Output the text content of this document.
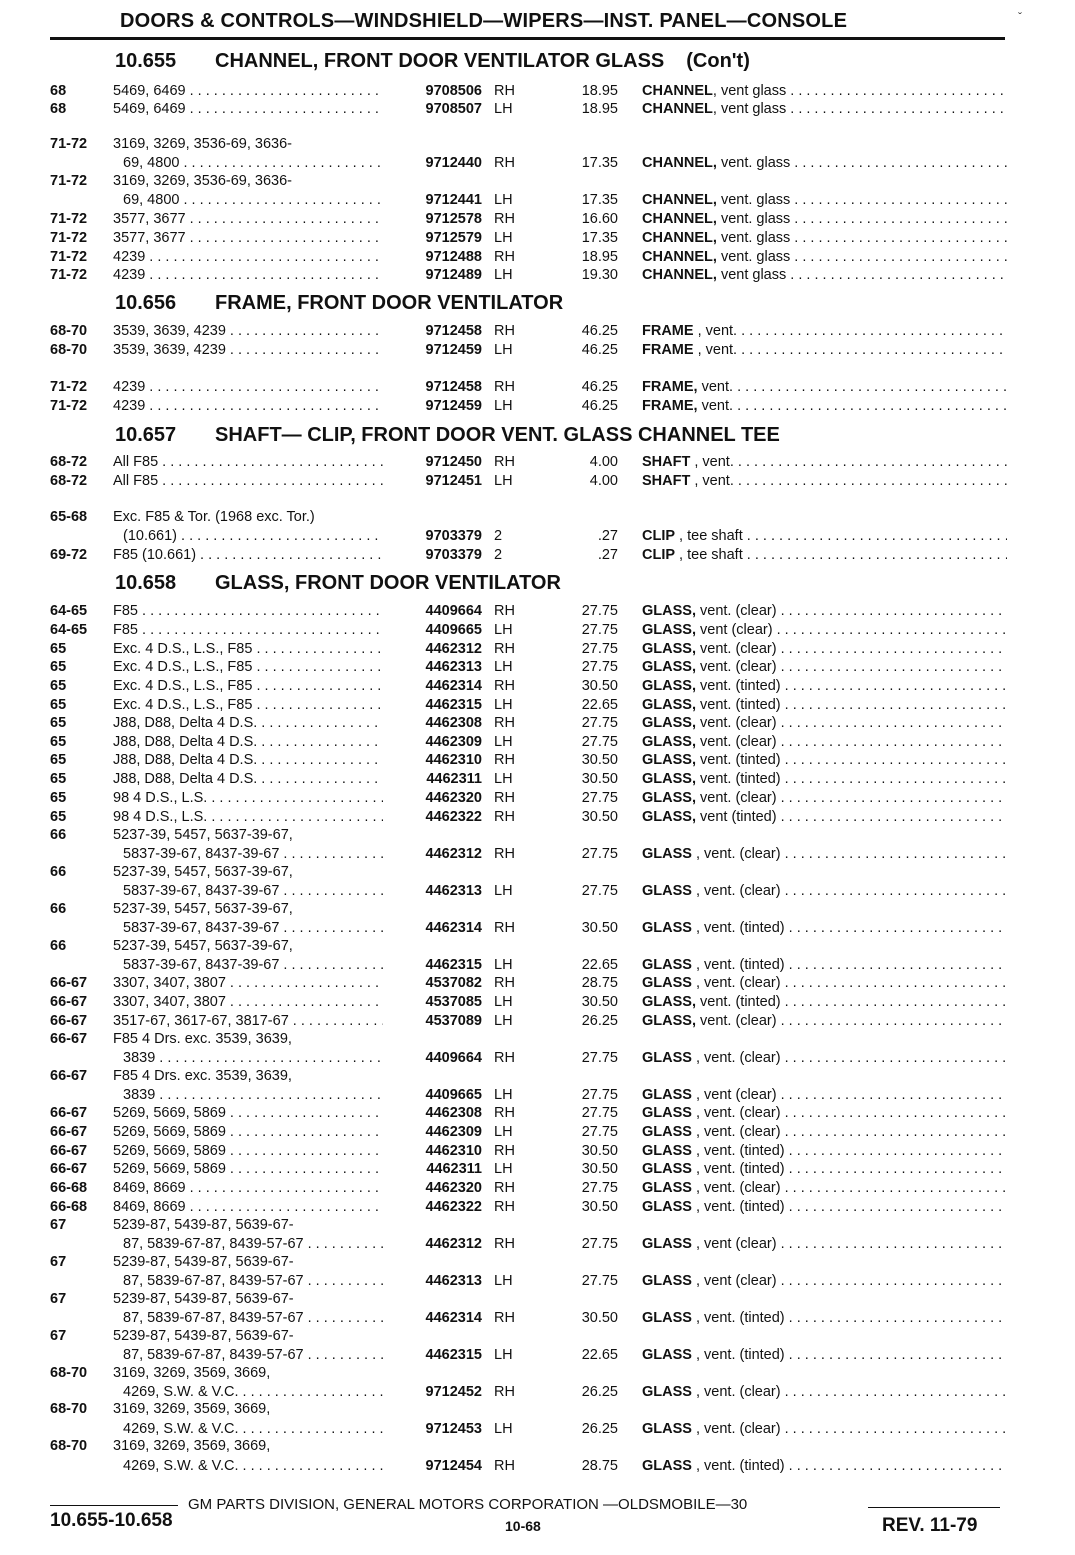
DOORS & CONTROLS—WINDSHIELD—WIPERS—INST. PANEL—CONSOLE	ˇ
10.655 CHANNEL, FRONT DOOR VENTILATOR GLASS (Con't)
10.656 FRAME, FRONT DOOR VENTILATOR
10.657 SHAFT— CLIP, FRONT DOOR VENT. GLASS CHANNEL TEE
10.658 GLASS, FRONT DOOR VENTILATOR
68	5469, 6469 . . .	9708506 RH	18.95 CHANNEL, vent glass . . .
68	5469, 6469 . . .	9708507 LH	18.95 CHANNEL, vent glass . . .
71-72 3169, 3269, 3536-69, 3636-
69, 4800 . . .	9712440 RH	17.35 CHANNEL, vent. glass . . .
71-72 3169, 3269, 3536-69, 3636-
69, 4800 . . .	9712441 LH	17.35 CHANNEL, vent. glass . . .
71-72 3577, 3677 . . .	9712578 RH	16.60 CHANNEL, vent. glass . . .
71-72 3577, 3677 . . .	9712579 LH	17.35 CHANNEL, vent. glass . . .
71-72 4239 . . .	9712488 RH	18.95 CHANNEL, vent. glass . . .
71-72 4239 . . .	9712489 LH	19.30 CHANNEL, vent glass . . .
68-70 3539, 3639, 4239 . . .	9712458 RH	46.25 FRAME , vent. . . .
68-70 3539, 3639, 4239 . . .	9712459 LH	46.25 FRAME , vent. . . .
71-72 4239 . . .	9712458 RH	46.25 FRAME, vent. . . .
71-72 4239 . . .	9712459 LH	46.25 FRAME, vent. . . .
68-72 All F85 . . .	9712450 RH	4.00 SHAFT , vent. . . .
68-72 All F85 . . .	9712451 LH	4.00 SHAFT , vent. . . .
65-68 Exc. F85 & Tor. (1968 exc. Tor.)
(10.661) . . .	9703379 2	.27 CLIP , tee shaft . . .
69-72 F85 (10.661) . . .	9703379 2	.27 CLIP , tee shaft . . .
64-65 F85 . . .	4409664 RH	27.75 GLASS, vent. (clear) . . .
64-65 F85 . . .	4409665 LH	27.75 GLASS, vent (clear) . . .
65	Exc. 4 D.S., L.S., F85 . . .	4462312 RH	27.75 GLASS, vent. (clear) . . .
65	Exc. 4 D.S., L.S., F85 . . .	4462313 LH	27.75 GLASS, vent. (clear) . . .
65	Exc. 4 D.S., L.S., F85 . . .	4462314 RH	30.50 GLASS, vent. (tinted) . . .
65	Exc. 4 D.S., L.S., F85 . . .	4462315 LH	22.65 GLASS, vent. (tinted) . . .
65	J88, D88, Delta 4 D.S. . . .	4462308 RH	27.75 GLASS, vent. (clear) . . .
65	J88, D88, Delta 4 D.S. . . .	4462309 LH	27.75 GLASS, vent. (clear) . . .
65	J88, D88, Delta 4 D.S. . . .	4462310 RH	30.50 GLASS, vent. (tinted) . . .
65	J88, D88, Delta 4 D.S. . . .	4462311 LH	30.50 GLASS, vent. (tinted) . . .
65	98 4 D.S., L.S. . . .	4462320 RH	27.75 GLASS, vent. (clear) . . .
65	98 4 D.S., L.S. . . .	4462322 RH	30.50 GLASS, vent (tinted) . . .
66	5237-39, 5457, 5637-39-67,
5837-39-67, 8437-39-67 . . .	4462312 RH	27.75 GLASS , vent. (clear) . . .
66	5237-39, 5457, 5637-39-67,
5837-39-67, 8437-39-67 . . .	4462313 LH	27.75 GLASS , vent. (clear) . . .
66	5237-39, 5457, 5637-39-67,
5837-39-67, 8437-39-67 . . .	4462314 RH	30.50 GLASS , vent. (tinted) . . .
66	5237-39, 5457, 5637-39-67,
5837-39-67, 8437-39-67 . . .	4462315 LH	22.65 GLASS , vent. (tinted) . . .
66-67 3307, 3407, 3807 . . .	4537082 RH	28.75 GLASS , vent. (clear) . . .
66-67 3307, 3407, 3807 . . .	4537085 LH	30.50 GLASS, vent. (tinted) . . .
66-67 3517-67, 3617-67, 3817-67 . . .	4537089 LH	26.25 GLASS, vent. (clear) . . .
66-67 F85 4 Drs. exc. 3539, 3639,
3839 . . .	4409664 RH	27.75 GLASS , vent. (clear) . . .
66-67 F85 4 Drs. exc. 3539, 3639,
3839 . . .	4409665 LH	27.75 GLASS , vent (clear) . . .
66-67 5269, 5669, 5869 . . .	4462308 RH	27.75 GLASS , vent. (clear) . . .
66-67 5269, 5669, 5869 . . .	4462309 LH	27.75 GLASS , vent. (clear) . . .
66-67 5269, 5669, 5869 . . .	4462310 RH	30.50 GLASS , vent. (tinted) . . .
66-67 5269, 5669, 5869 . . .	4462311 LH	30.50 GLASS , vent. (tinted) . . .
66-68 8469, 8669 . . .	4462320 RH	27.75 GLASS , vent. (clear) . . .
66-68 8469, 8669 . . .	4462322 RH	30.50 GLASS , vent. (tinted) . . .
67	5239-87, 5439-87, 5639-67-
87, 5839-67-87, 8439-57-67 . . .	4462312 RH	27.75 GLASS , vent (clear) . . .
67	5239-87, 5439-87, 5639-67-
87, 5839-67-87, 8439-57-67 . . .	4462313 LH	27.75 GLASS , vent (clear) . . .
67	5239-87, 5439-87, 5639-67-
87, 5839-67-87, 8439-57-67 . . .	4462314 RH	30.50 GLASS , vent. (tinted) . . .
67	5239-87, 5439-87, 5639-67-
87, 5839-67-87, 8439-57-67 . . .	4462315 LH	22.65 GLASS , vent. (tinted) . . .
68-70 3169, 3269, 3569, 3669,
4269, S.W. & V.C. . . .	9712452 RH	26.25 GLASS , vent. (clear) . . .
68-70 3169, 3269, 3569, 3669,
4269, S.W. & V.C. . . .	9712453 LH	26.25 GLASS , vent. (clear) . . .
68-70 3169, 3269, 3569, 3669,
4269, S.W. & V.C. . . .	9712454 RH	28.75 GLASS , vent. (tinted) . . .
GM PARTS DIVISION, GENERAL MOTORS CORPORATION —OLDSMOBILE—30
10.655-10.658	10-68	REV. 11-79
